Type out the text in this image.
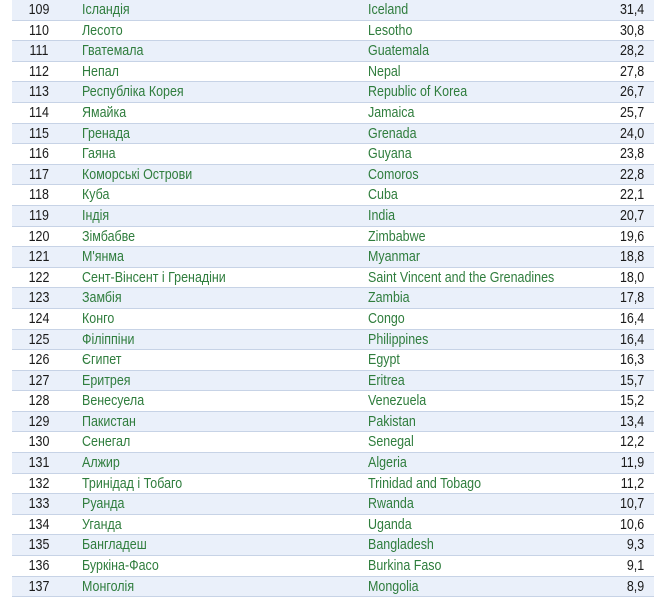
109	Ісландія	Iceland	31,4
110	Лесото	Lesotho	30,8
111	Гватемала	Guatemala	28,2
112	Непал	Nepal	27,8
113	Республіка Корея	Republic of Korea	26,7
114	Ямайка	Jamaica	25,7
115	Гренада	Grenada	24,0
116	Гаяна	Guyana	23,8
117	Коморські Острови	Comoros	22,8
118	Куба	Cuba	22,1
119	Індія	India	20,7
120	Зімбабве	Zimbabwe	19,6
121	М'янма	Myanmar	18,8
122	Сент-Вінсент і Гренадіни	Saint Vincent and the Grenadines	18,0
123	Замбія	Zambia	17,8
124	Конго	Congo	16,4
125	Філіппіни	Philippines	16,4
126	Єгипет	Egypt	16,3
127	Еритрея	Eritrea	15,7
128	Венесуела	Venezuela	15,2
129	Пакистан	Pakistan	13,4
130	Сенегал	Senegal	12,2
131	Алжир	Algeria	11,9
132	Тринідад і Тобаго	Trinidad and Tobago	11,2
133	Руанда	Rwanda	10,7
134	Уганда	Uganda	10,6
135	Бангладеш	Bangladesh	9,3
136	Буркіна-Фасо	Burkina Faso	9,1
137	Монголія	Mongolia	8,9
